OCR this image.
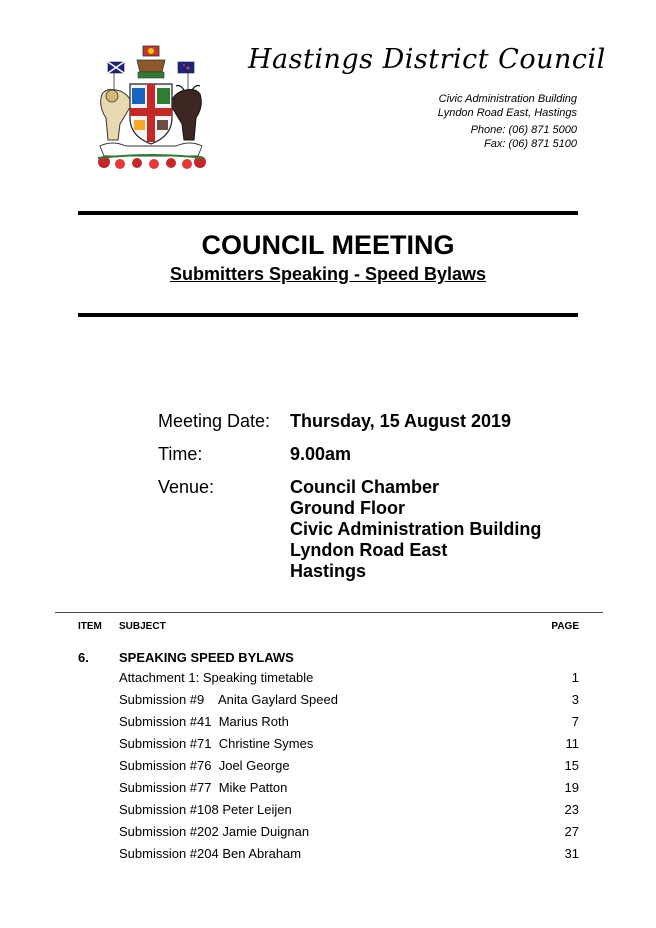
Hastings District Council
Civic Administration Building
Lyndon Road East, Hastings
Phone: (06) 871 5000
Fax: (06) 871 5100
COUNCIL MEETING
Submitters Speaking - Speed Bylaws
Meeting Date:	Thursday, 15 August 2019
Time:	9.00am
Venue:	Council Chamber
Ground Floor
Civic Administration Building
Lyndon Road East
Hastings
ITEM	SUBJECT	PAGE
6.	SPEAKING SPEED BYLAWS
Attachment 1: Speaking timetable	1
Submission #9    Anita Gaylard Speed	3
Submission #41  Marius Roth	7
Submission #71  Christine Symes	11
Submission #76  Joel George	15
Submission #77  Mike Patton	19
Submission #108 Peter Leijen	23
Submission #202 Jamie Duignan	27
Submission #204 Ben Abraham	31
